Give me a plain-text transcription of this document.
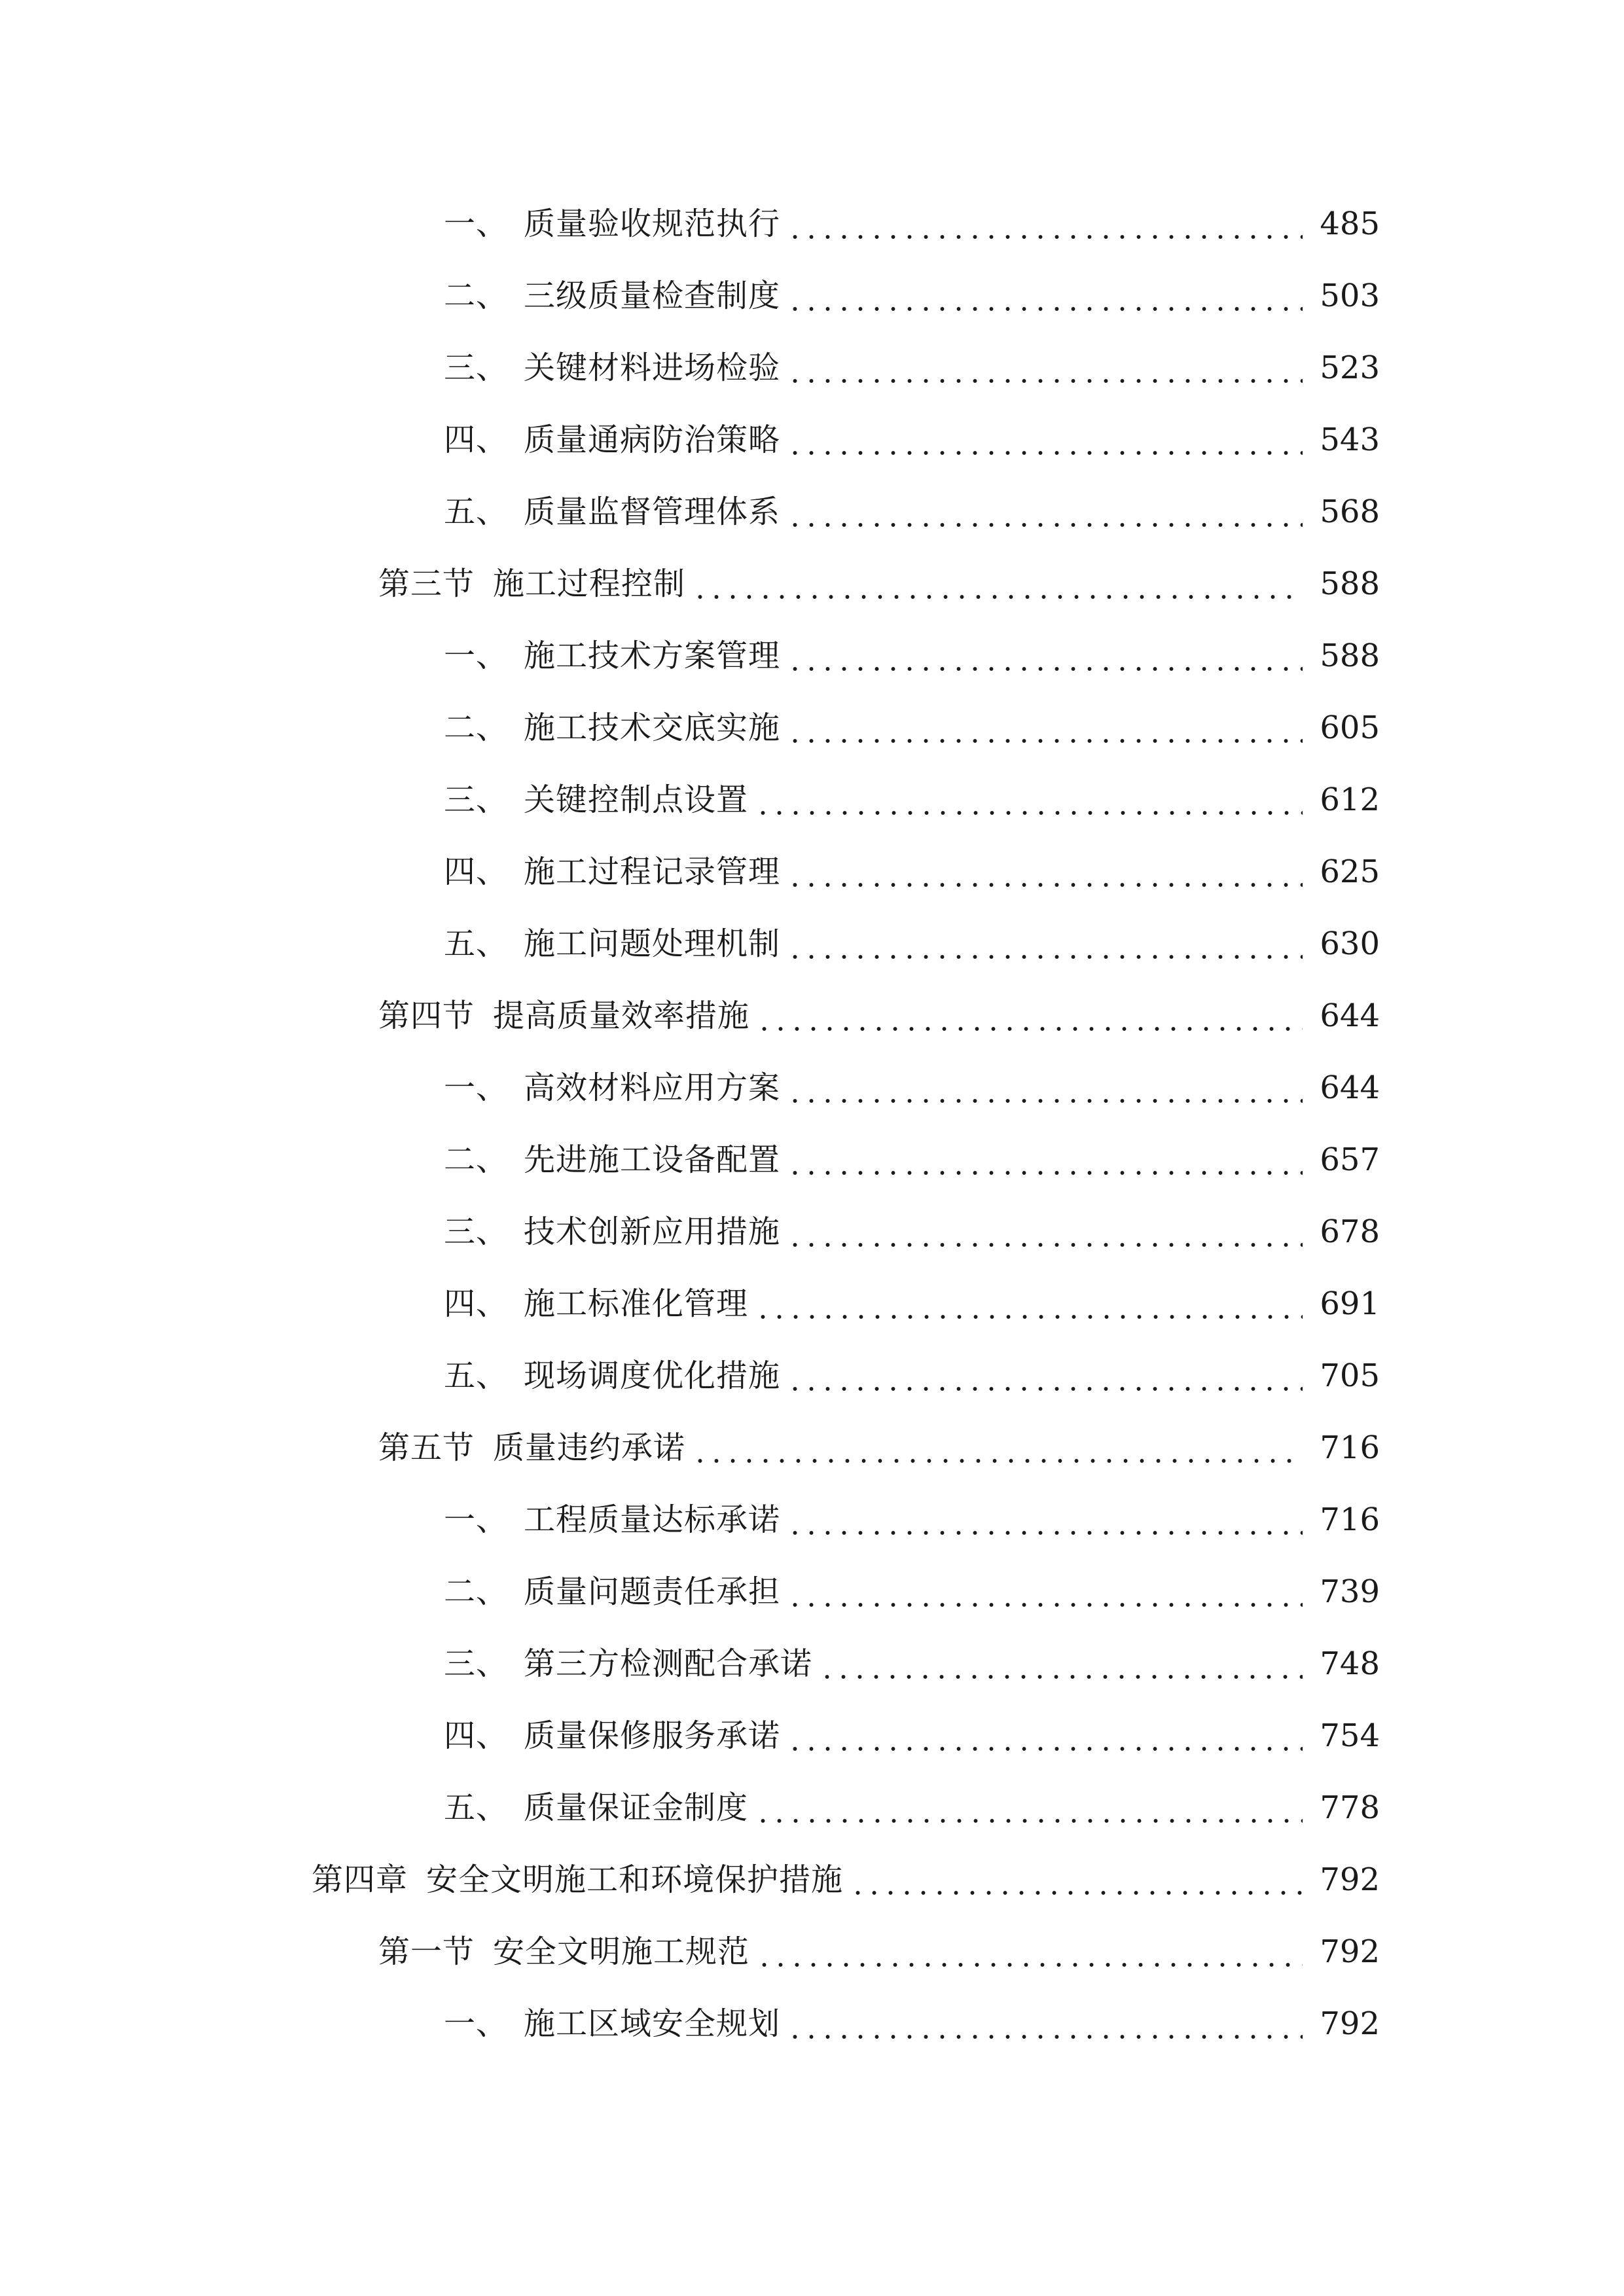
一、 质量验收规范执行	485
二、 三级质量检查制度	503
三、 关键材料进场检验	523
四、 质量通病防治策略	543
五、 质量监督管理体系	568
第三节 施工过程控制	588
一、 施工技术方案管理	588
二、 施工技术交底实施	605
三、 关键控制点设置	612
四、 施工过程记录管理	625
五、 施工问题处理机制	630
第四节 提高质量效率措施	644
一、 高效材料应用方案	644
二、 先进施工设备配置	657
三、 技术创新应用措施	678
四、 施工标准化管理	691
五、 现场调度优化措施	705
第五节 质量违约承诺	716
一、 工程质量达标承诺	716
二、 质量问题责任承担	739
三、 第三方检测配合承诺	748
四、 质量保修服务承诺	754
五、 质量保证金制度	778
第四章 安全文明施工和环境保护措施	792
第一节 安全文明施工规范	792
一、 施工区域安全规划	792
